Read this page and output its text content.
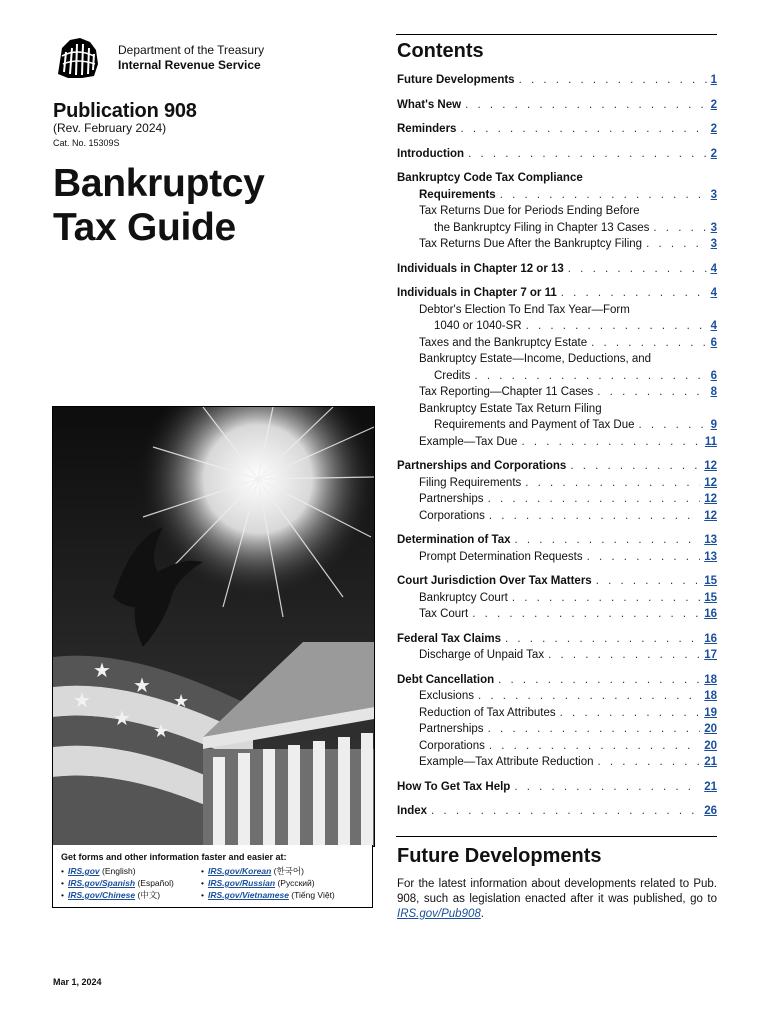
Department of the Treasury
Internal Revenue Service
Publication 908
(Rev. February 2024)
Cat. No. 15309S
Bankruptcy
Tax Guide
★
★
★
★
★
★
Get forms and other information faster and easier at:
• IRS.gov (English)	• IRS.gov/Korean (한국어)
• IRS.gov/Spanish (Español)	• IRS.gov/Russian (Русский)
• IRS.gov/Chinese (中文)	• IRS.gov/Vietnamese (Tiếng Việt)
Mar 1, 2024
Contents
Future Developments . . .	1
What's New . . .	2
Reminders . . .	2
Introduction . . .	2
Bankruptcy Code Tax Compliance
Requirements . . .	3
Tax Returns Due for Periods Ending Before
the Bankruptcy Filing in Chapter 13 Cases . . .	3
Tax Returns Due After the Bankruptcy Filing . . .	3
Individuals in Chapter 12 or 13 . . .	4
Individuals in Chapter 7 or 11 . . .	4
Debtor's Election To End Tax Year—Form
1040 or 1040-SR . . .	4
Taxes and the Bankruptcy Estate . . .	6
Bankruptcy Estate—Income, Deductions, and
Credits . . .	6
Tax Reporting—Chapter 11 Cases . . .	8
Bankruptcy Estate Tax Return Filing
Requirements and Payment of Tax Due . . .	9
Example—Tax Due . . .	11
Partnerships and Corporations . . .	12
Filing Requirements . . .	12
Partnerships . . .	12
Corporations . . .	12
Determination of Tax . . .	13
Prompt Determination Requests . . .	13
Court Jurisdiction Over Tax Matters . . .	15
Bankruptcy Court . . .	15
Tax Court . . .	16
Federal Tax Claims . . .	16
Discharge of Unpaid Tax . . .	17
Debt Cancellation . . .	18
Exclusions . . .	18
Reduction of Tax Attributes . . .	19
Partnerships . . .	20
Corporations . . .	20
Example—Tax Attribute Reduction . . .	21
How To Get Tax Help . . .	21
Index . . .	26
Future Developments
For the latest information about developments related to Pub. 908, such as legislation enacted after it was published, go to IRS.gov/Pub908.
